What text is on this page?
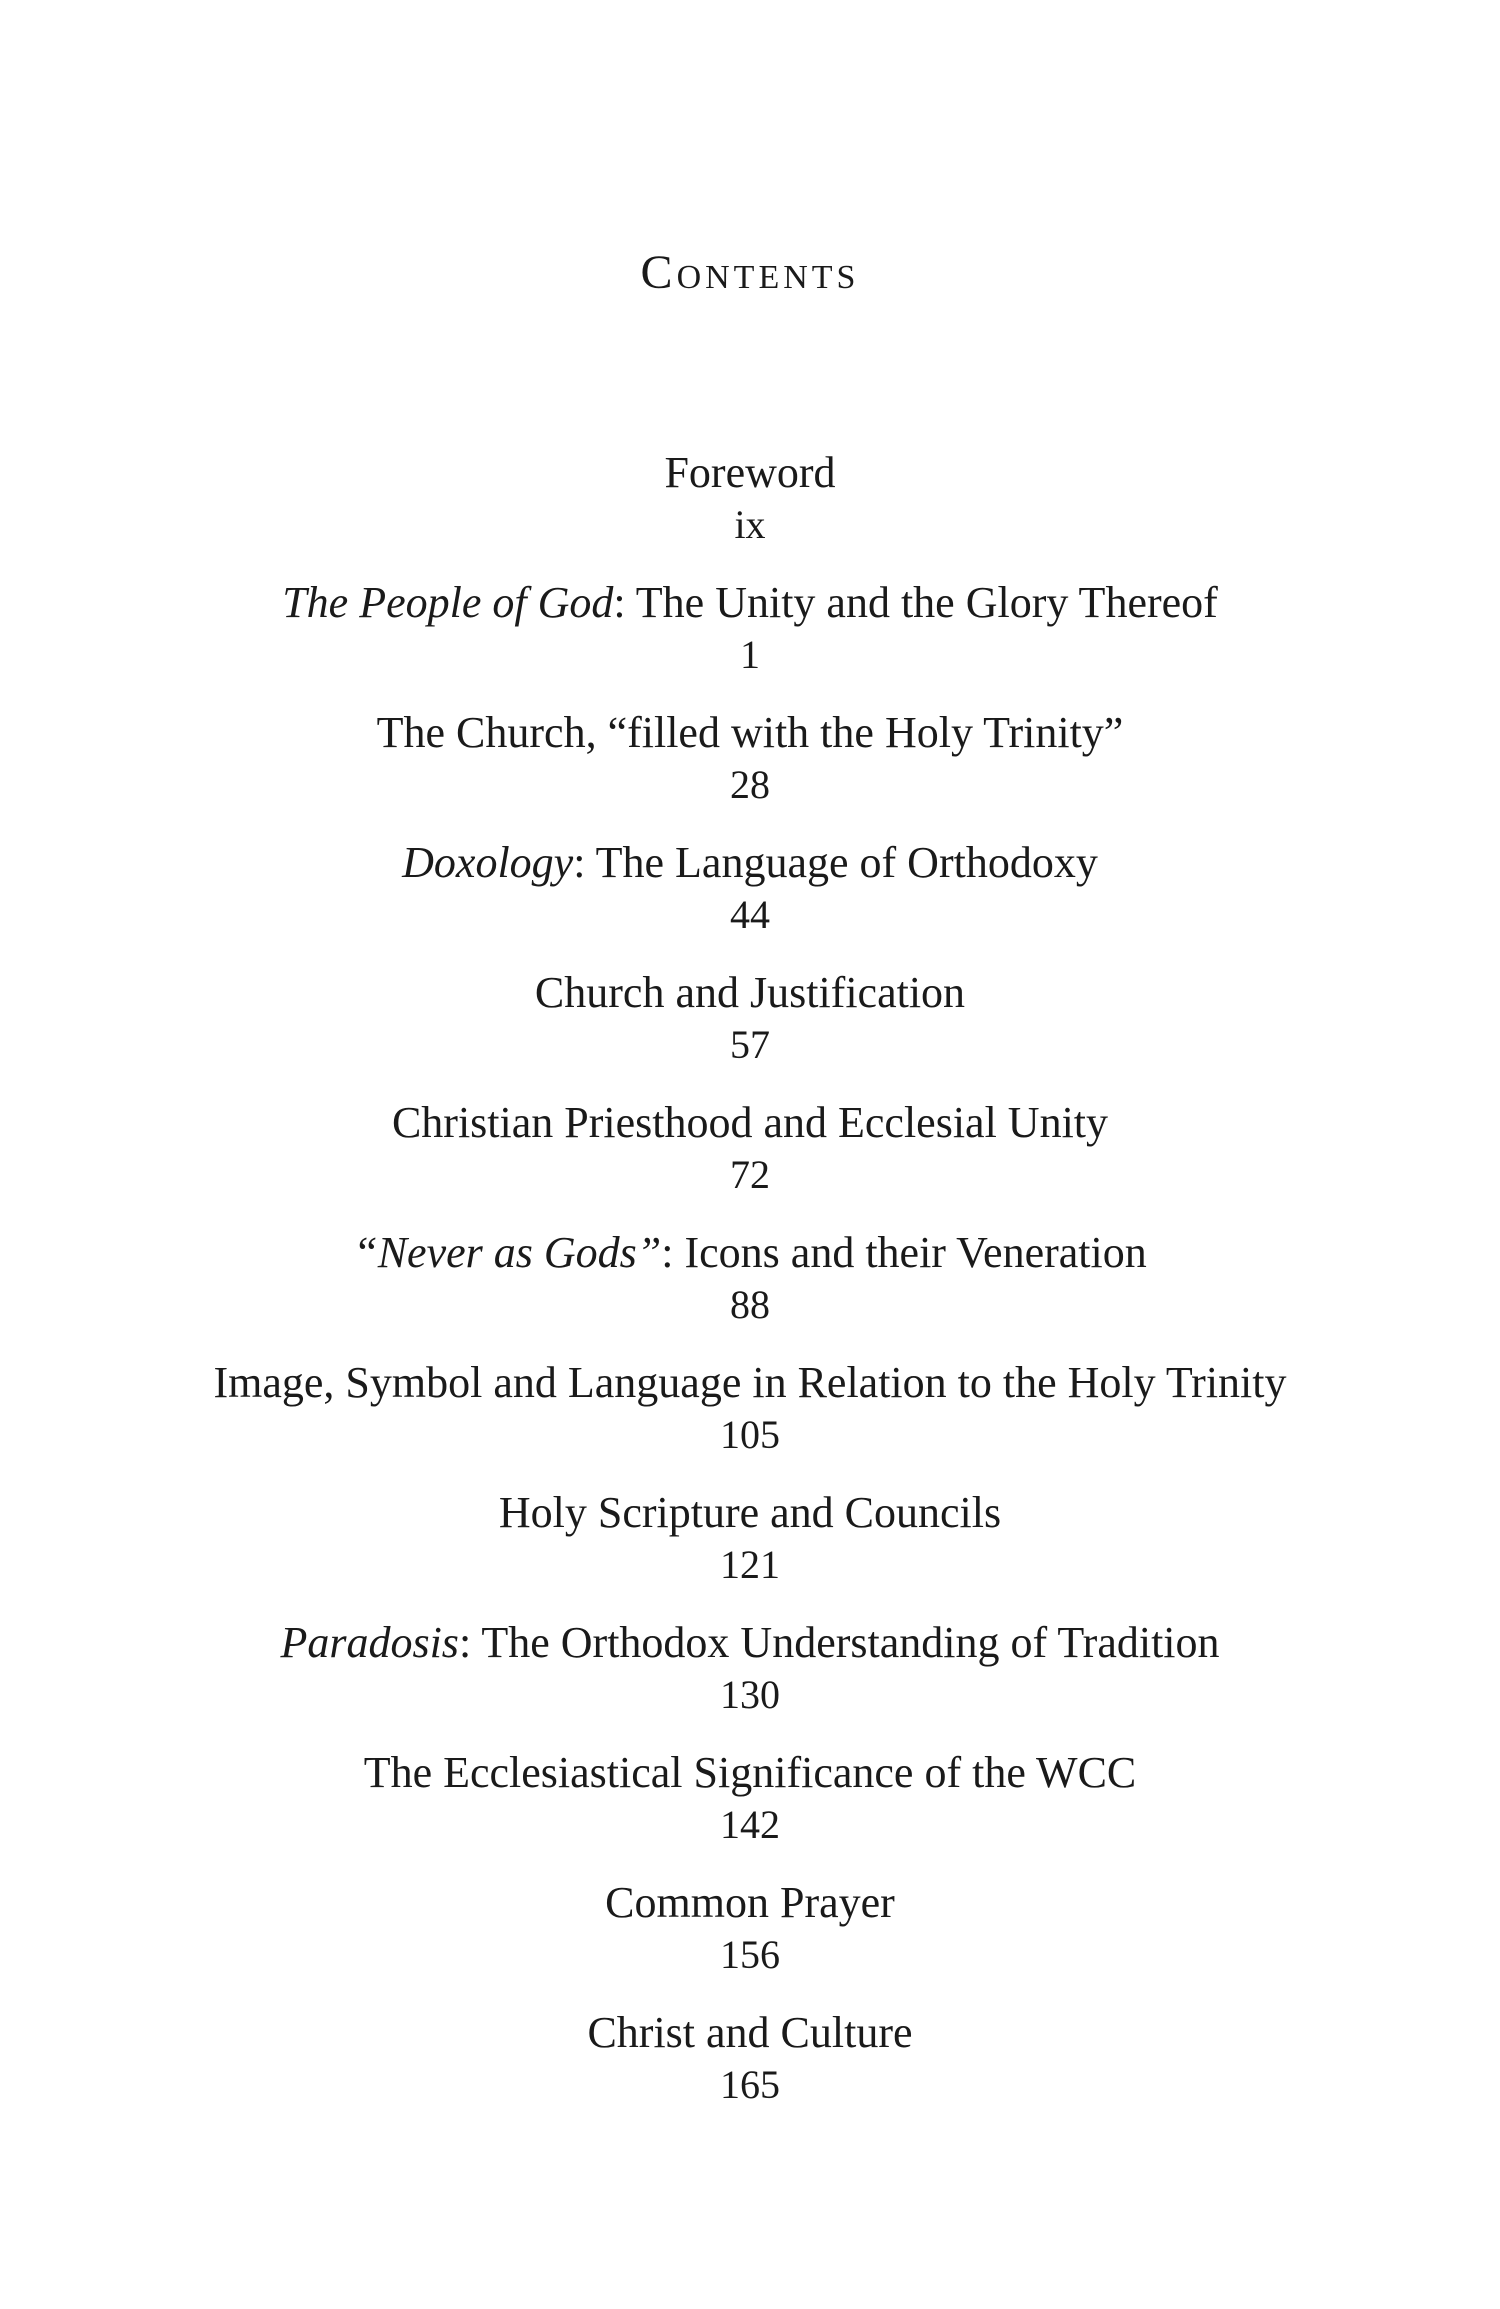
Contents
Foreword
ix
The People of God: The Unity and the Glory Thereof
1
The Church, “filled with the Holy Trinity”
28
Doxology: The Language of Orthodoxy
44
Church and Justification
57
Christian Priesthood and Ecclesial Unity
72
“Never as Gods”: Icons and their Veneration
88
Image, Symbol and Language in Relation to the Holy Trinity
105
Holy Scripture and Councils
121
Paradosis: The Orthodox Understanding of Tradition
130
The Ecclesiastical Significance of the WCC
142
Common Prayer
156
Christ and Culture
165
